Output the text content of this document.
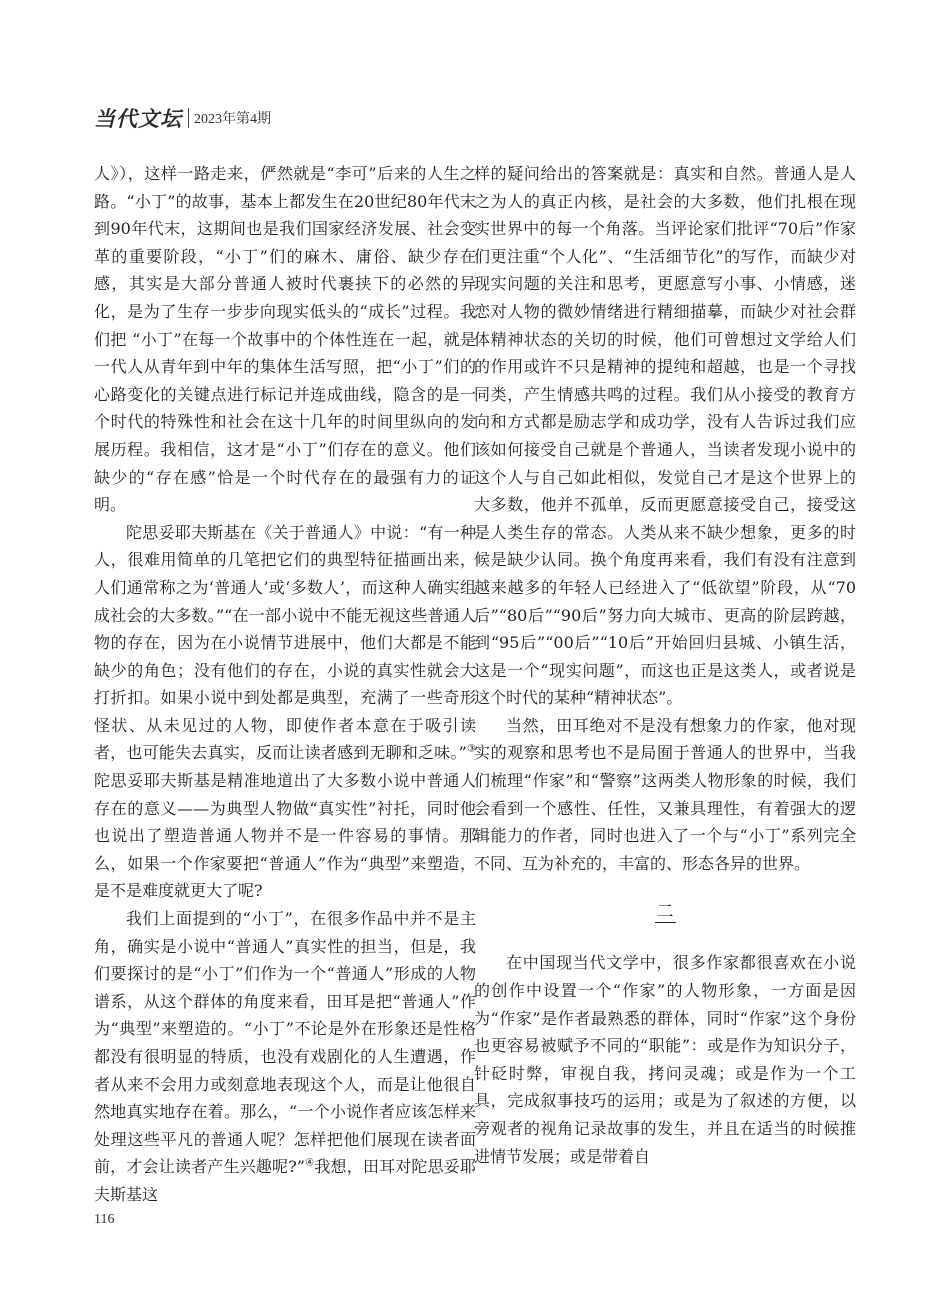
当代文坛 2023年第4期

人》），这样一路走来，俨然就是“李可”后来的人生之路。“小丁”的故事，基本上都发生在20世纪80年代末到90年代末，这期间也是我们国家经济发展、社会变革的重要阶段，“小丁”们的麻木、庸俗、缺少存在感，其实是大部分普通人被时代裹挟下的必然的异化，是为了生存一步步向现实低头的“成长”过程。我们把 “小丁”在每一个故事中的个体性连在一起，就是一代人从青年到中年的集体生活写照，把“小丁”们的心路变化的关键点进行标记并连成曲线，隐含的是一个时代的特殊性和社会在这十几年的时间里纵向的发展历程。我相信，这才是“小丁”们存在的意义。他们缺少的“存在感”恰是一个时代存在的最强有力的证明。

陀思妥耶夫斯基在《关于普通人》中说：“有一种人，很难用简单的几笔把它们的典型特征描画出来，人们通常称之为‘普通人’或‘多数人’，而这种人确实组成社会的大多数。”“在一部小说中不能无视这些普通人物的存在，因为在小说情节进展中，他们大都是不能缺少的角色；没有他们的存在，小说的真实性就会大打折扣。如果小说中到处都是典型，充满了一些奇形怪状、从未见过的人物，即使作者本意在于吸引读者，也可能失去真实，反而让读者感到无聊和乏味。”③陀思妥耶夫斯基是精准地道出了大多数小说中普通人存在的意义——为典型人物做“真实性”衬托，同时他也说出了塑造普通人物并不是一件容易的事情。那么，如果一个作家要把“普通人”作为“典型”来塑造，是不是难度就更大了呢?

我们上面提到的“小丁”，在很多作品中并不是主角，确实是小说中“普通人”真实性的担当，但是，我们要探讨的是“小丁”们作为一个“普通人”形成的人物谱系，从这个群体的角度来看，田耳是把“普通人”作为“典型”来塑造的。“小丁”不论是外在形象还是性格都没有很明显的特质，也没有戏剧化的人生遭遇，作者从来不会用力或刻意地表现这个人，而是让他很自然地真实地存在着。那么，“一个小说作者应该怎样来处理这些平凡的普通人呢？怎样把他们展现在读者面前，才会让读者产生兴趣呢?”④我想，田耳对陀思妥耶夫斯基这

样的疑问给出的答案就是：真实和自然。普通人是人之为人的真正内核，是社会的大多数，他们扎根在现实世界中的每一个角落。当评论家们批评“70后”作家们更注重“个人化”、“生活细节化”的写作，而缺少对现实问题的关注和思考，更愿意写小事、小情感，迷恋对人物的微妙情绪进行精细描摹，而缺少对社会群体精神状态的关切的时候，他们可曾想过文学给人们的作用或许不只是精神的提纯和超越，也是一个寻找同类，产生情感共鸣的过程。我们从小接受的教育方向和方式都是励志学和成功学，没有人告诉过我们应该如何接受自己就是个普通人，当读者发现小说中的这个人与自己如此相似，发觉自己才是这个世界上的大多数，他并不孤单，反而更愿意接受自己，接受这是人类生存的常态。人类从来不缺少想象，更多的时候是缺少认同。换个角度再来看，我们有没有注意到越来越多的年轻人已经进入了“低欲望”阶段，从“70后”“80后”“90后”努力向大城市、更高的阶层跨越，到“95后”“00后”“10后”开始回归县城、小镇生活，这是一个“现实问题”，而这也正是这类人，或者说是这个时代的某种“精神状态”。

当然，田耳绝对不是没有想象力的作家，他对现实的观察和思考也不是局囿于普通人的世界中，当我们梳理“作家”和“警察”这两类人物形象的时候，我们会看到一个感性、任性，又兼具理性，有着强大的逻辑能力的作者，同时也进入了一个与“小丁”系列完全不同、互为补充的，丰富的、形态各异的世界。

二

在中国现当代文学中，很多作家都很喜欢在小说的创作中设置一个“作家”的人物形象，一方面是因为“作家”是作者最熟悉的群体，同时“作家”这个身份也更容易被赋予不同的“职能”：或是作为知识分子，针砭时弊，审视自我，拷问灵魂；或是作为一个工具，完成叙事技巧的运用；或是为了叙述的方便，以旁观者的视角记录故事的发生，并且在适当的时候推进情节发展；或是带着自

116
